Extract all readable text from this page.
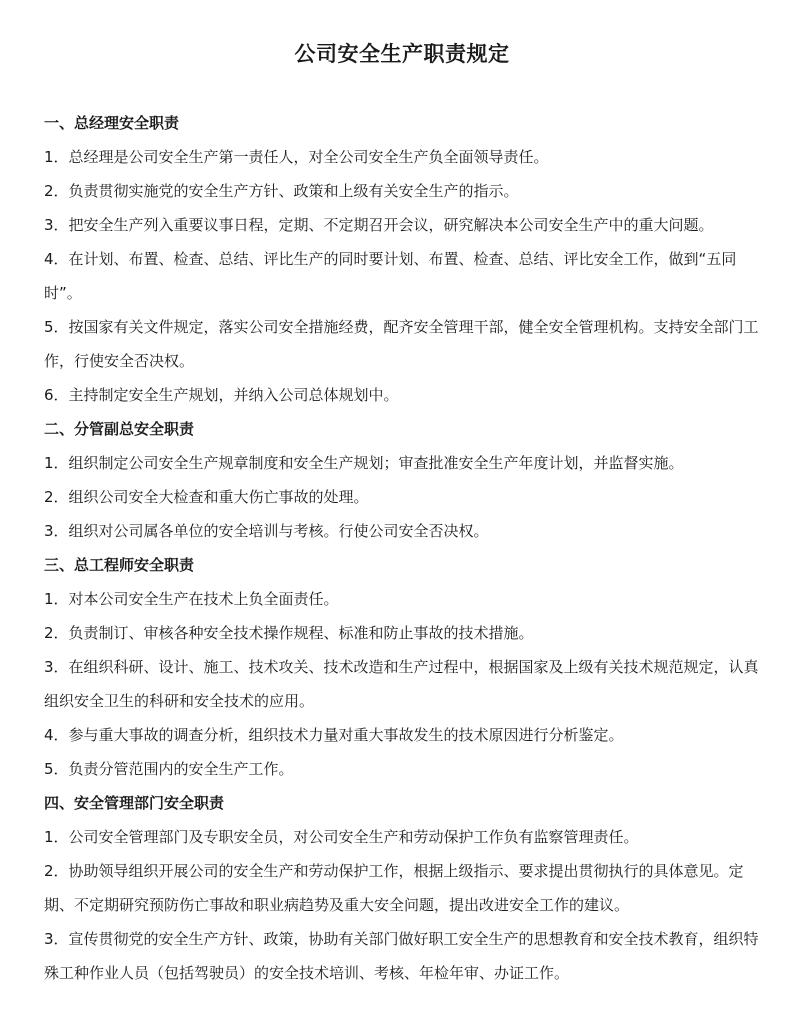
公司安全生产职责规定

一、总经理安全职责

1．总经理是公司安全生产第一责任人，对全公司安全生产负全面领导责任。

2．负责贯彻实施党的安全生产方针、政策和上级有关安全生产的指示。

3．把安全生产列入重要议事日程，定期、不定期召开会议，研究解决本公司安全生产中的重大问题。

4．在计划、布置、检查、总结、评比生产的同时要计划、布置、检查、总结、评比安全工作，做到“五同时”。

5．按国家有关文件规定，落实公司安全措施经费，配齐安全管理干部，健全安全管理机构。支持安全部门工作，行使安全否决权。

6．主持制定安全生产规划，并纳入公司总体规划中。

二、分管副总安全职责

1．组织制定公司安全生产规章制度和安全生产规划；审查批准安全生产年度计划，并监督实施。

2．组织公司安全大检查和重大伤亡事故的处理。

3．组织对公司属各单位的安全培训与考核。行使公司安全否决权。

三、总工程师安全职责

1．对本公司安全生产在技术上负全面责任。

2．负责制订、审核各种安全技术操作规程、标准和防止事故的技术措施。

3．在组织科研、设计、施工、技术攻关、技术改造和生产过程中，根据国家及上级有关技术规范规定，认真组织安全卫生的科研和安全技术的应用。

4．参与重大事故的调查分析，组织技术力量对重大事故发生的技术原因进行分析鉴定。

5．负责分管范围内的安全生产工作。

四、安全管理部门安全职责

1．公司安全管理部门及专职安全员，对公司安全生产和劳动保护工作负有监察管理责任。

2．协助领导组织开展公司的安全生产和劳动保护工作，根据上级指示、要求提出贯彻执行的具体意见。定期、不定期研究预防伤亡事故和职业病趋势及重大安全问题，提出改进安全工作的建议。

3．宣传贯彻党的安全生产方针、政策，协助有关部门做好职工安全生产的思想教育和安全技术教育，组织特殊工种作业人员（包括驾驶员）的安全技术培训、考核、年检年审、办证工作。
